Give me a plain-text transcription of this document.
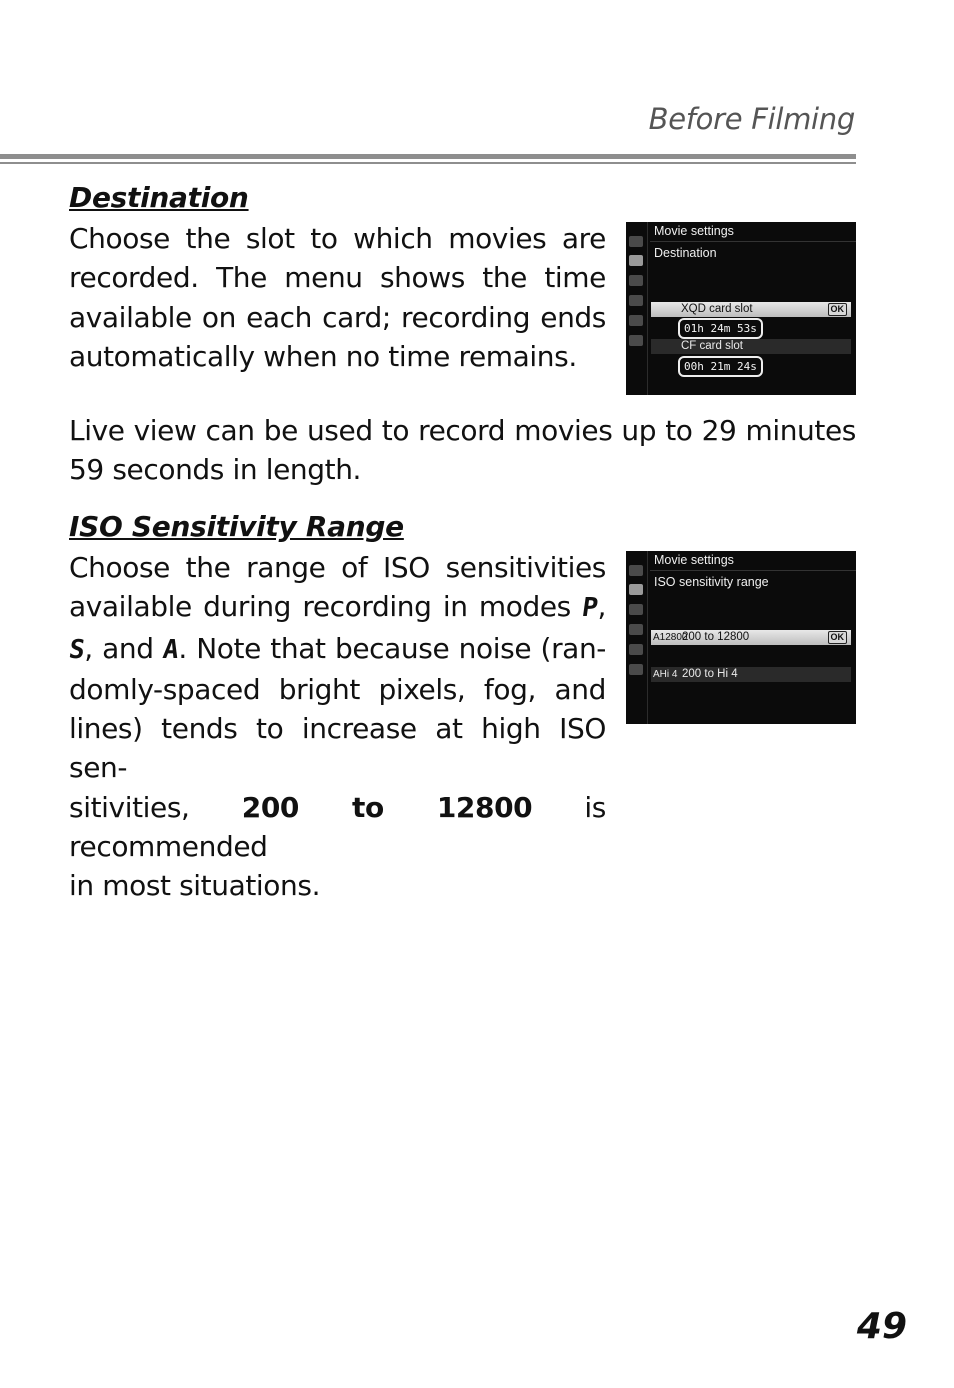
Before Filming
Destination
Choose the slot to which movies are
recorded. The menu shows the time
available on each card; recording ends
automatically when no time remains.
Movie settings
Destination
XQD card slot	OK
01h 24m 53s
CF card slot
00h 21m 24s
Live view can be used to record movies up to 29 minutes
59 seconds in length.
ISO Sensitivity Range
Choose the range of ISO sensitivities
available during recording in modes P,
S, and A. Note that because noise (ran-
domly-spaced bright pixels, fog, and
lines) tends to increase at high ISO sen-
sitivities, 200 to 12800 is recommended
in most situations.
Movie settings
ISO sensitivity range
A12800
200 to 12800	OK
AHi 4 200 to Hi 4
49
